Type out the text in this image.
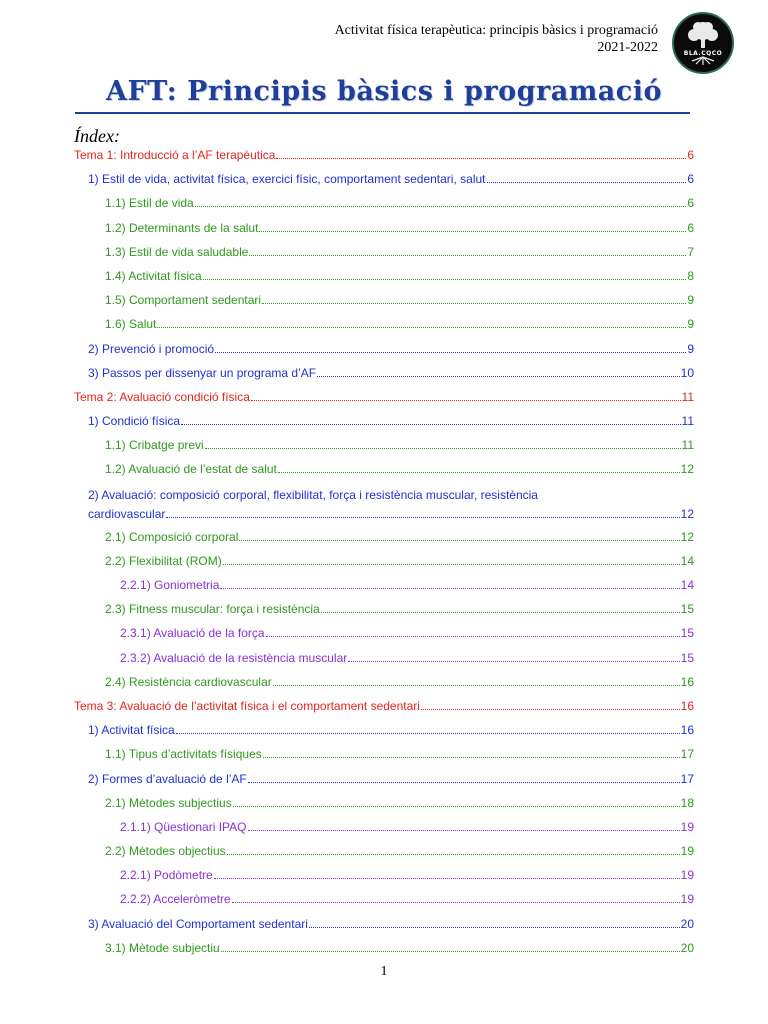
Activitat física terapèutica: principis bàsics i programació
2021-2022	BLA.CQCO
AFT: Principis bàsics i programació
Índex:
Tema 1: Introducció a l’AF terapèutica	6
1) Estil de vida, activitat física, exercici físic, comportament sedentari, salut	6
1.1) Estil de vida	6
1.2) Determinants de la salut	6
1.3) Estil de vida saludable	7
1.4) Activitat física	8
1.5) Comportament sedentari	9
1.6) Salut	9
2) Prevenció i promoció	9
3) Passos per dissenyar un programa d’AF	10
Tema 2: Avaluació condició física	11
1) Condició física	11
1.1) Cribatge previ	11
1.2) Avaluació de l’estat de salut	12
2) Avaluació: composició corporal, flexibilitat, força i resistència muscular, resistència
cardiovascular	12
2.1) Composició corporal	12
2.2) Flexibilitat (ROM)	14
2.2.1) Goniometria	14
2.3) Fitness muscular: força i resistència	15
2.3.1) Avaluació de la força	15
2.3.2) Avaluació de la resistència muscular	15
2.4) Resistència cardiovascular	16
Tema 3: Avaluació de l’activitat física i el comportament sedentari	16
1) Activitat física	16
1.1) Tipus d’activitats físiques	17
2) Formes d’avaluació de l’AF	17
2.1) Mètodes subjectius	18
2.1.1) Qüestionari IPAQ	19
2.2) Mètodes objectius	19
2.2.1) Podòmetre	19
2.2.2) Acceleròmetre	19
3) Avaluació del Comportament sedentari	20
3.1) Mètode subjectiu	20
1
